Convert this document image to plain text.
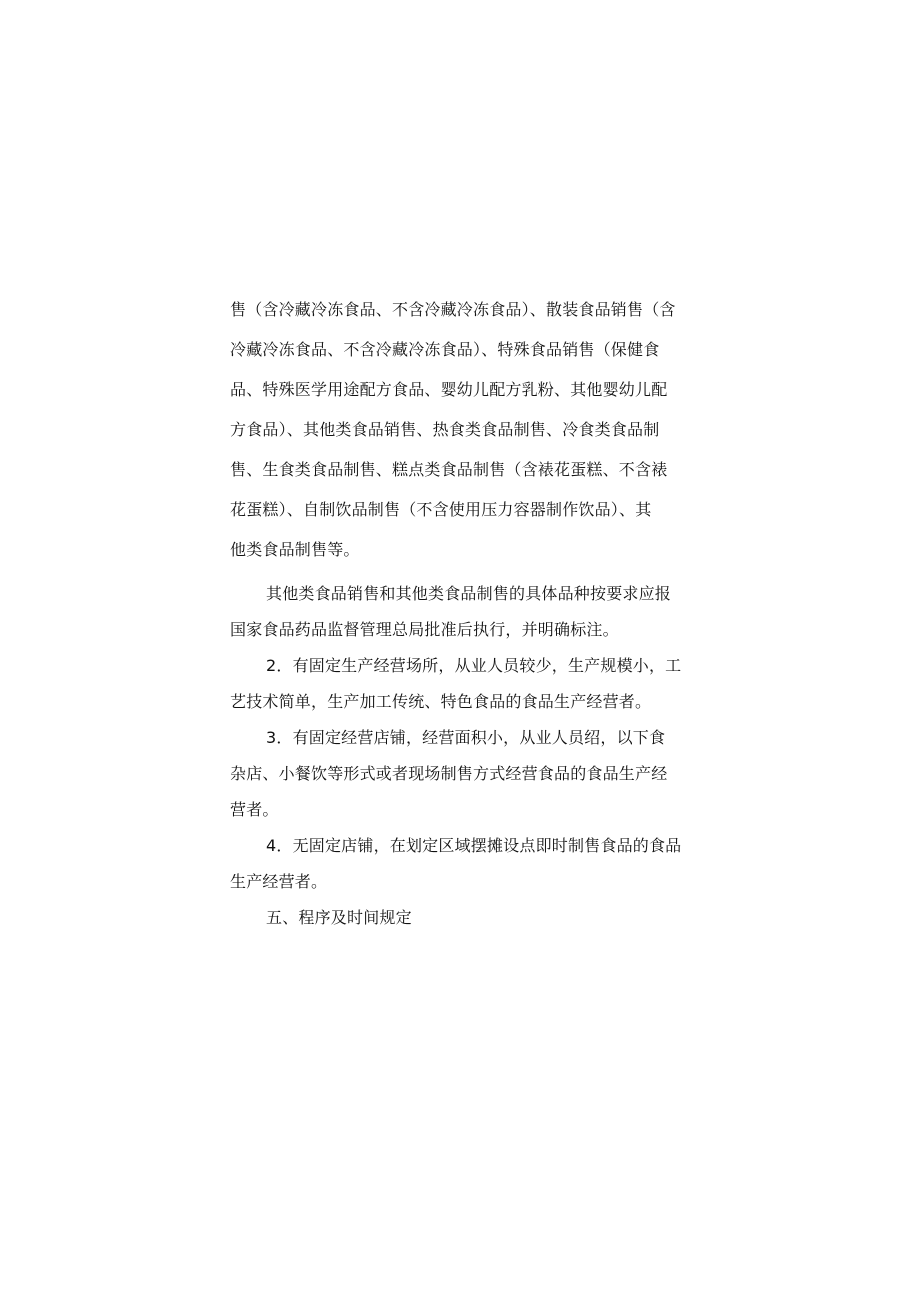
售（含冷藏冷冻食品、不含冷藏冷冻食品）、散装食品销售（含
冷藏冷冻食品、不含冷藏冷冻食品）、特殊食品销售（保健食
品、特殊医学用途配方食品、婴幼儿配方乳粉、其他婴幼儿配
方食品）、其他类食品销售、热食类食品制售、冷食类食品制
售、生食类食品制售、糕点类食品制售（含裱花蛋糕、不含裱
花蛋糕）、自制饮品制售（不含使用压力容器制作饮品）、其
他类食品制售等。
其他类食品销售和其他类食品制售的具体品种按要求应报
国家食品药品监督管理总局批准后执行，并明确标注。
2．有固定生产经营场所，从业人员较少，生产规模小，工
艺技术简单，生产加工传统、特色食品的食品生产经营者。
3．有固定经营店铺，经营面积小，从业人员绍，以下食
杂店、小餐饮等形式或者现场制售方式经营食品的食品生产经
营者。
4．无固定店铺，在划定区域摆摊设点即时制售食品的食品
生产经营者。
五、程序及时间规定
